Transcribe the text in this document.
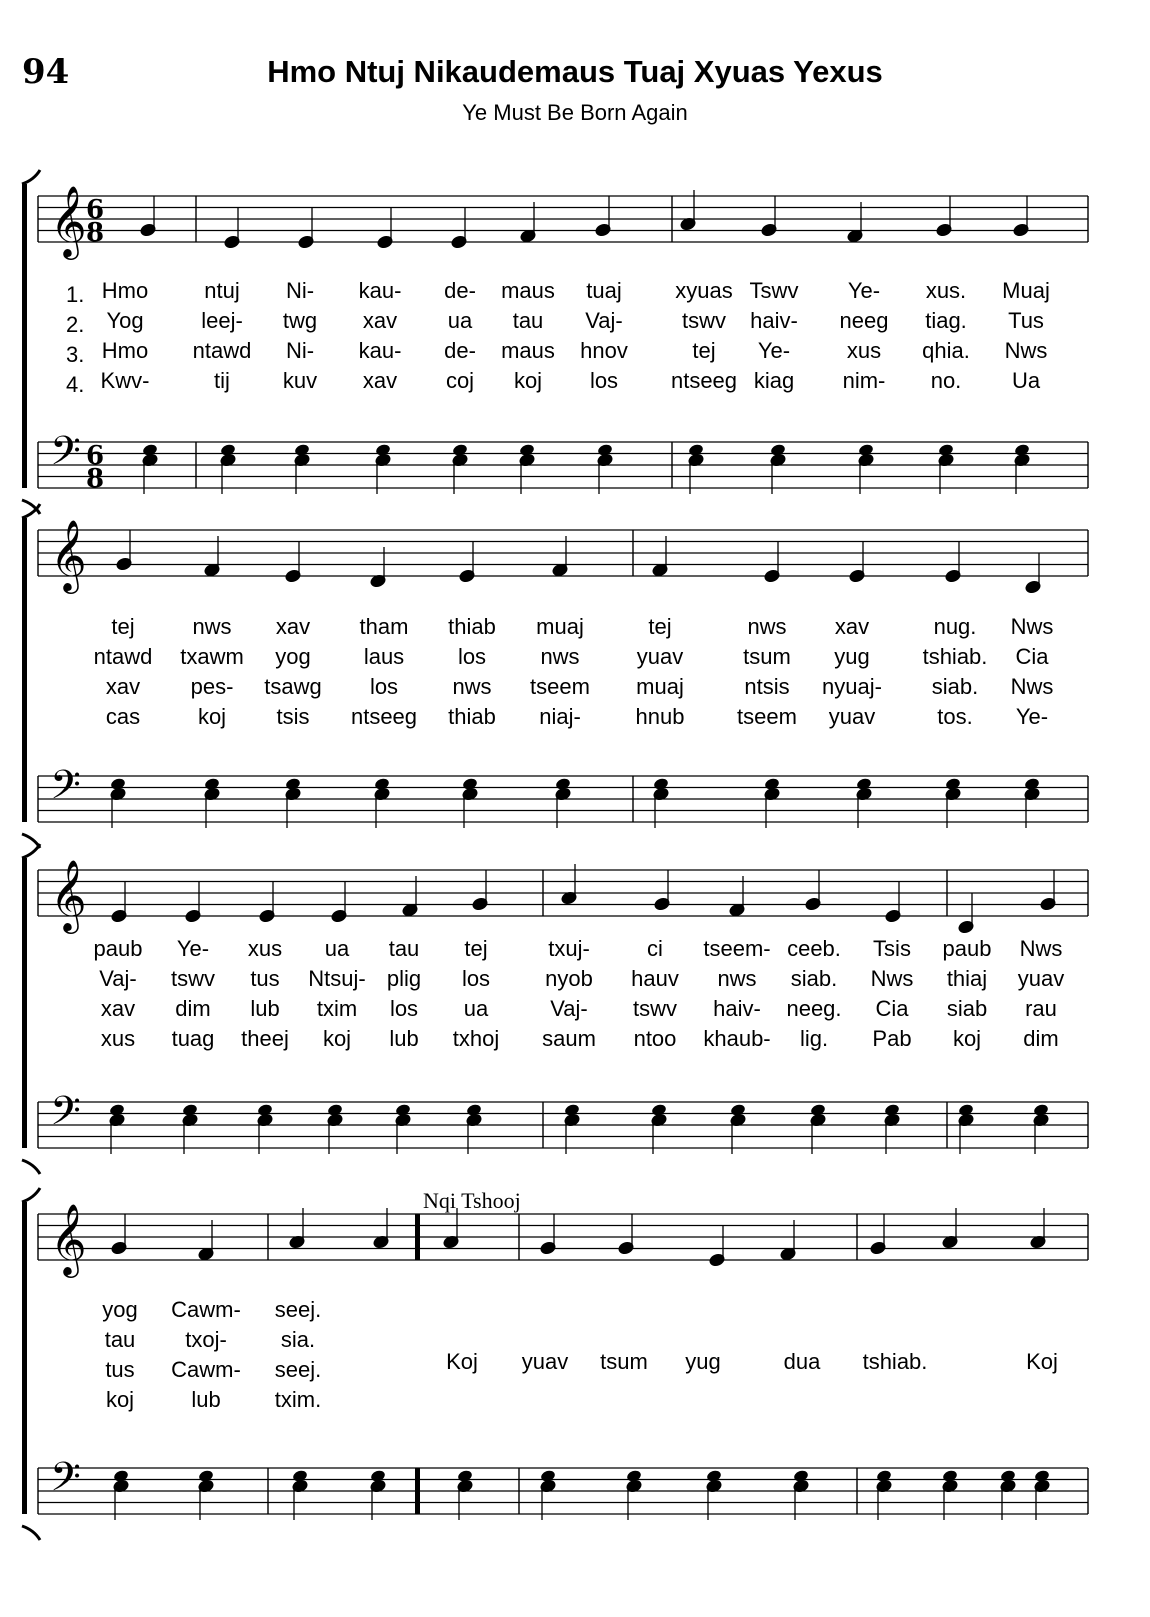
94	Hmo Ntuj Nikaudemaus Tuaj Xyuas Yexus
Ye Must Be Born Again
𝄞
𝄢
6
8
6
8
𝄞
𝄢
𝄞
𝄢
𝄞
𝄢
1. Hmo	ntuj Ni- kau- de- maus tuaj xyuas Tswv Ye- xus. Muaj
2. Yog	leej- twg xav ua tau Vaj-	tswv haiv- neeg tiag. Tus
3. Hmo ntawd Ni- kau- de- maus hnov	tej Ye-	xus qhia. Nws
4. Kwv-	tij kuv xav coj koj los ntseeg kiag nim- no. Ua
tej	nws xav tham thiab muaj	tej	nws xav	nug. Nws
ntawd txawm yog laus los nws	yuav	tsum yug tshiab. Cia
xav pes- tsawg los nws tseem muaj	ntsis nyuaj- siab. Nws
cas	koj tsis ntseeg thiab niaj- hnub tseem yuav	tos. Ye-
paub Ye- xus ua tau tej	txuj-	ci tseem- ceeb. Tsis paub Nws
Vaj- tswv tus Ntsuj- plig los	nyob hauv nws siab. Nws thiaj yuav
xav dim lub txim los ua	Vaj- tswv haiv- neeg. Cia siab rau
xus tuag theej koj lub txhoj saum ntoo khaub- lig. Pab koj dim
yog Cawm- seej.
tau txoj- sia.
tus Cawm- seej.
koj	lub txim.
Koj yuav tsum yug	dua tshiab.	Koj
Nqi Tshooj
